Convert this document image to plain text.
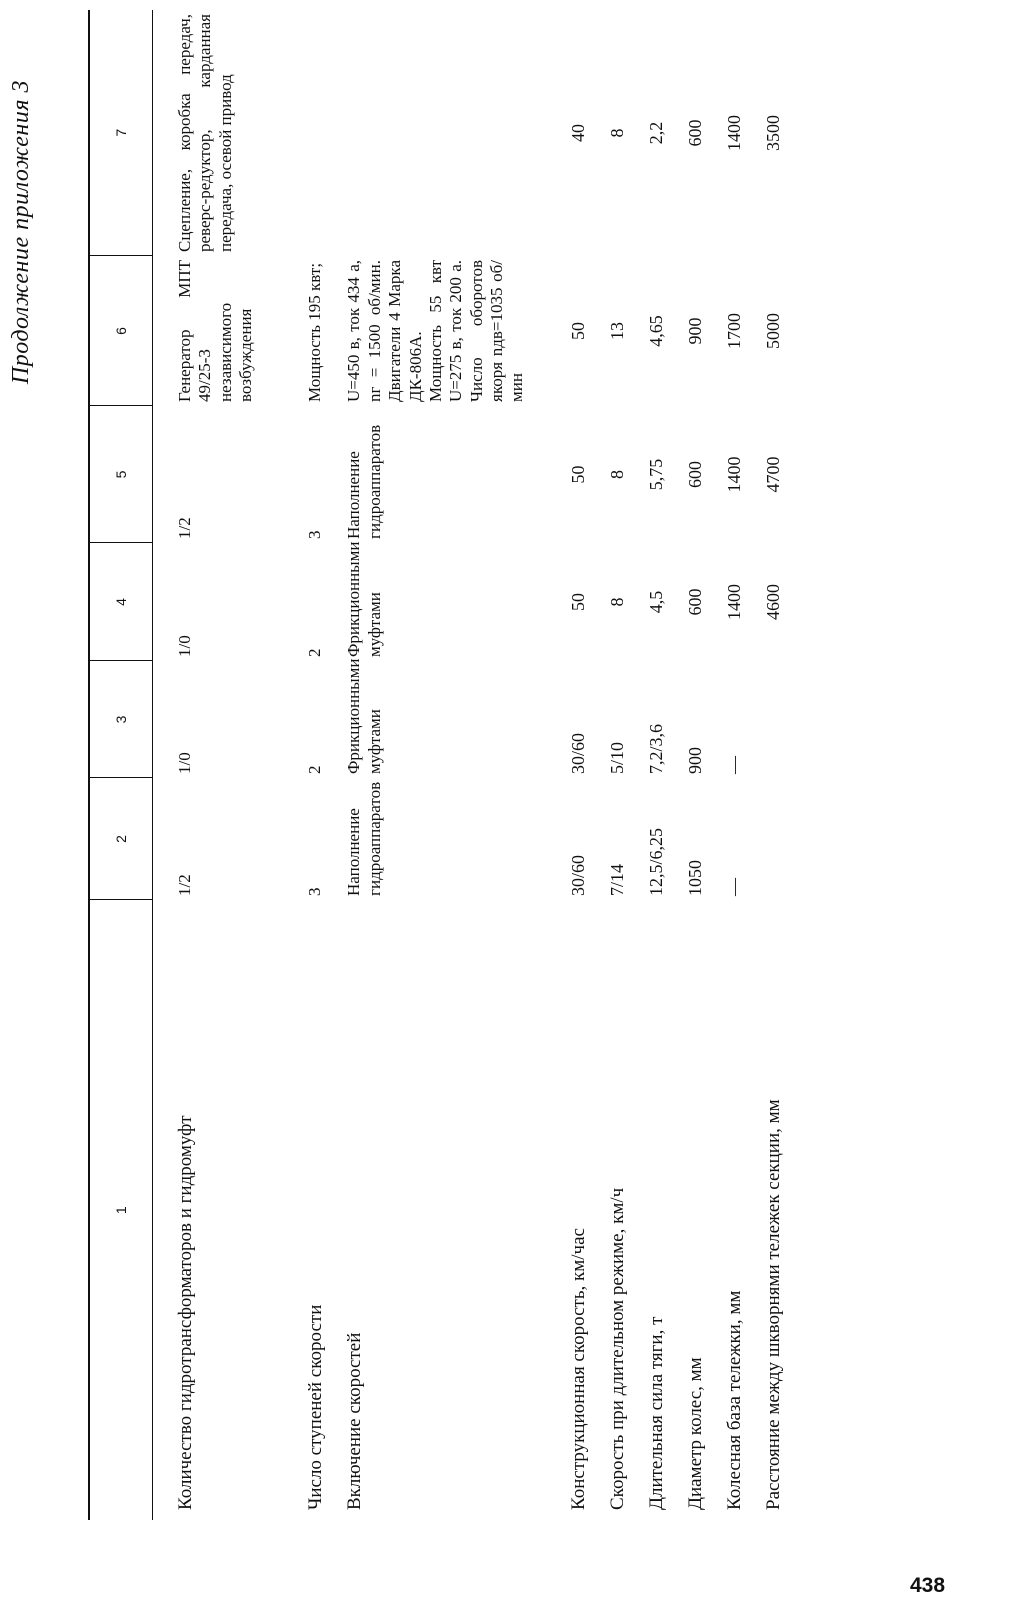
Продолжение приложения 3
1	2	3	4	5	6	7
Количество гидротрансформаторов и гидромуфт	1/2	1/0	1/0	1/2	Генератор МПТ 49/25-3 независимого возбуждения	Сцепление, коробка передач, реверс-редуктор, карданная передача, осевой привод
Число ступеней скорости	3	2	2	3	Мощность 195 квт;	
Включение скоростей	Наполнение гидроаппаратов	Фрикционными муфтами	Фрикционными муфтами	Наполнение гидроаппаратов	U=450 в, ток 434 а, nг = 1500 об/мин. Двигатели 4 Марка ДК-806А. Мощность 55 квт U=275 в, ток 200 а. Число оборотов якоря nдв=1035 об/мин	
Конструкционная скорость, км/час	30/60	30/60	50	50	50	40
Скорость при длительном режиме, км/ч	7/14	5/10	8	8	13	8
Длительная сила тяги, т	12,5/6,25	7,2/3,6	4,5	5,75	4,65	2,2
Диаметр колес, мм	1050	900	600	600	900	600
Колесная база тележки, мм	—	—	1400	1400	1700	1400
Расстояние между шкворнями тележек секции, мм			4600	4700	5000	3500
438
